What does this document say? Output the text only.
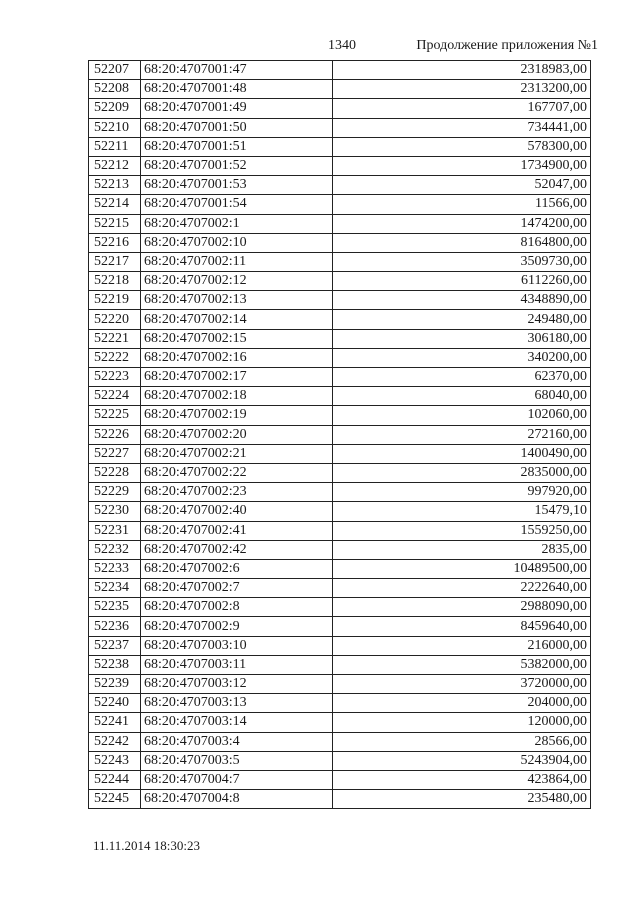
1340	Продолжение приложения №1
52207	68:20:4707001:47	2318983,00
52208	68:20:4707001:48	2313200,00
52209	68:20:4707001:49	167707,00
52210	68:20:4707001:50	734441,00
52211	68:20:4707001:51	578300,00
52212	68:20:4707001:52	1734900,00
52213	68:20:4707001:53	52047,00
52214	68:20:4707001:54	11566,00
52215	68:20:4707002:1	1474200,00
52216	68:20:4707002:10	8164800,00
52217	68:20:4707002:11	3509730,00
52218	68:20:4707002:12	6112260,00
52219	68:20:4707002:13	4348890,00
52220	68:20:4707002:14	249480,00
52221	68:20:4707002:15	306180,00
52222	68:20:4707002:16	340200,00
52223	68:20:4707002:17	62370,00
52224	68:20:4707002:18	68040,00
52225	68:20:4707002:19	102060,00
52226	68:20:4707002:20	272160,00
52227	68:20:4707002:21	1400490,00
52228	68:20:4707002:22	2835000,00
52229	68:20:4707002:23	997920,00
52230	68:20:4707002:40	15479,10
52231	68:20:4707002:41	1559250,00
52232	68:20:4707002:42	2835,00
52233	68:20:4707002:6	10489500,00
52234	68:20:4707002:7	2222640,00
52235	68:20:4707002:8	2988090,00
52236	68:20:4707002:9	8459640,00
52237	68:20:4707003:10	216000,00
52238	68:20:4707003:11	5382000,00
52239	68:20:4707003:12	3720000,00
52240	68:20:4707003:13	204000,00
52241	68:20:4707003:14	120000,00
52242	68:20:4707003:4	28566,00
52243	68:20:4707003:5	5243904,00
52244	68:20:4707004:7	423864,00
52245	68:20:4707004:8	235480,00
11.11.2014 18:30:23
